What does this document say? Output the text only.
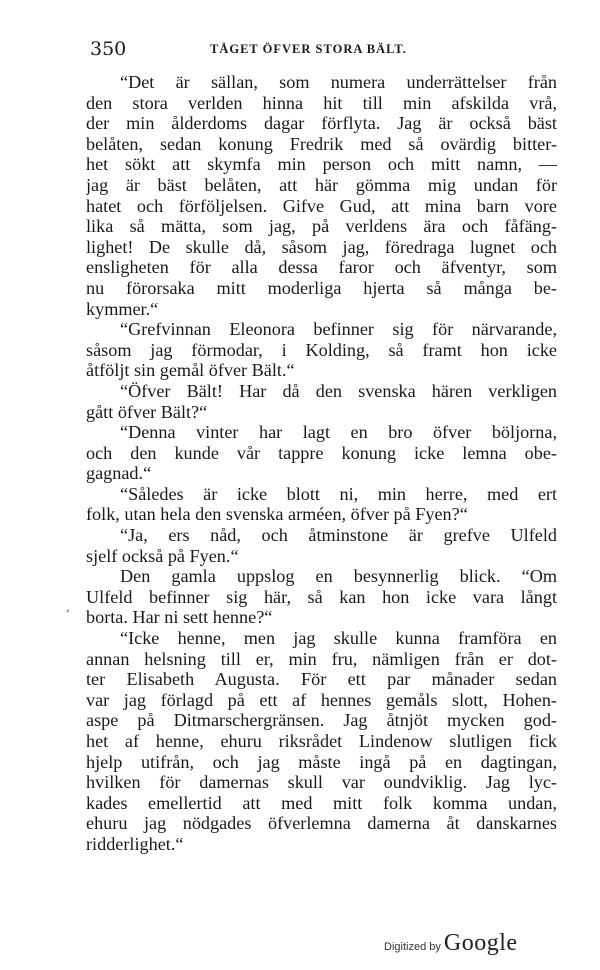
350	TÅGET ÖFVER STORA BÄLT.
,
“Det är sällan, som numera underrättelser från
den stora verlden hinna hit till min afskilda vrå,
der min ålderdoms dagar förflyta. Jag är också bäst
belåten, sedan konung Fredrik med så ovärdig bitter-
het sökt att skymfa min person och mitt namn, —
jag är bäst belåten, att här gömma mig undan för
hatet och förföljelsen. Gifve Gud, att mina barn vore
lika så mätta, som jag, på verldens ära och fåfäng-
lighet! De skulle då, såsom jag, föredraga lugnet och
ensligheten för alla dessa faror och äfventyr, som
nu förorsaka mitt moderliga hjerta så många be-
kymmer.“
“Grefvinnan Eleonora befinner sig för närvarande,
såsom jag förmodar, i Kolding, så framt hon icke
åtföljt sin gemål öfver Bält.“
“Öfver Bält! Har då den svenska hären verkligen
gått öfver Bält?“
“Denna vinter har lagt en bro öfver böljorna,
och den kunde vår tappre konung icke lemna obe-
gagnad.“
“Således är icke blott ni, min herre, med ert
folk, utan hela den svenska arméen, öfver på Fyen?“
“Ja, ers nåd, och åtminstone är grefve Ulfeld
sjelf också på Fyen.“
Den gamla uppslog en besynnerlig blick. “Om
Ulfeld befinner sig här, så kan hon icke vara långt
borta. Har ni sett henne?“
“Icke henne, men jag skulle kunna framföra en
annan helsning till er, min fru, nämligen från er dot-
ter Elisabeth Augusta. För ett par månader sedan
var jag förlagd på ett af hennes gemåls slott, Hohen-
aspe på Ditmarschergränsen. Jag åtnjöt mycken god-
het af henne, ehuru riksrådet Lindenow slutligen fick
hjelp utifrån, och jag måste ingå på en dagtingan,
hvilken för damernas skull var oundviklig. Jag lyc-
kades emellertid att med mitt folk komma undan,
ehuru jag nödgades öfverlemna damerna åt danskarnes
ridderlighet.“
Digitized by Google
